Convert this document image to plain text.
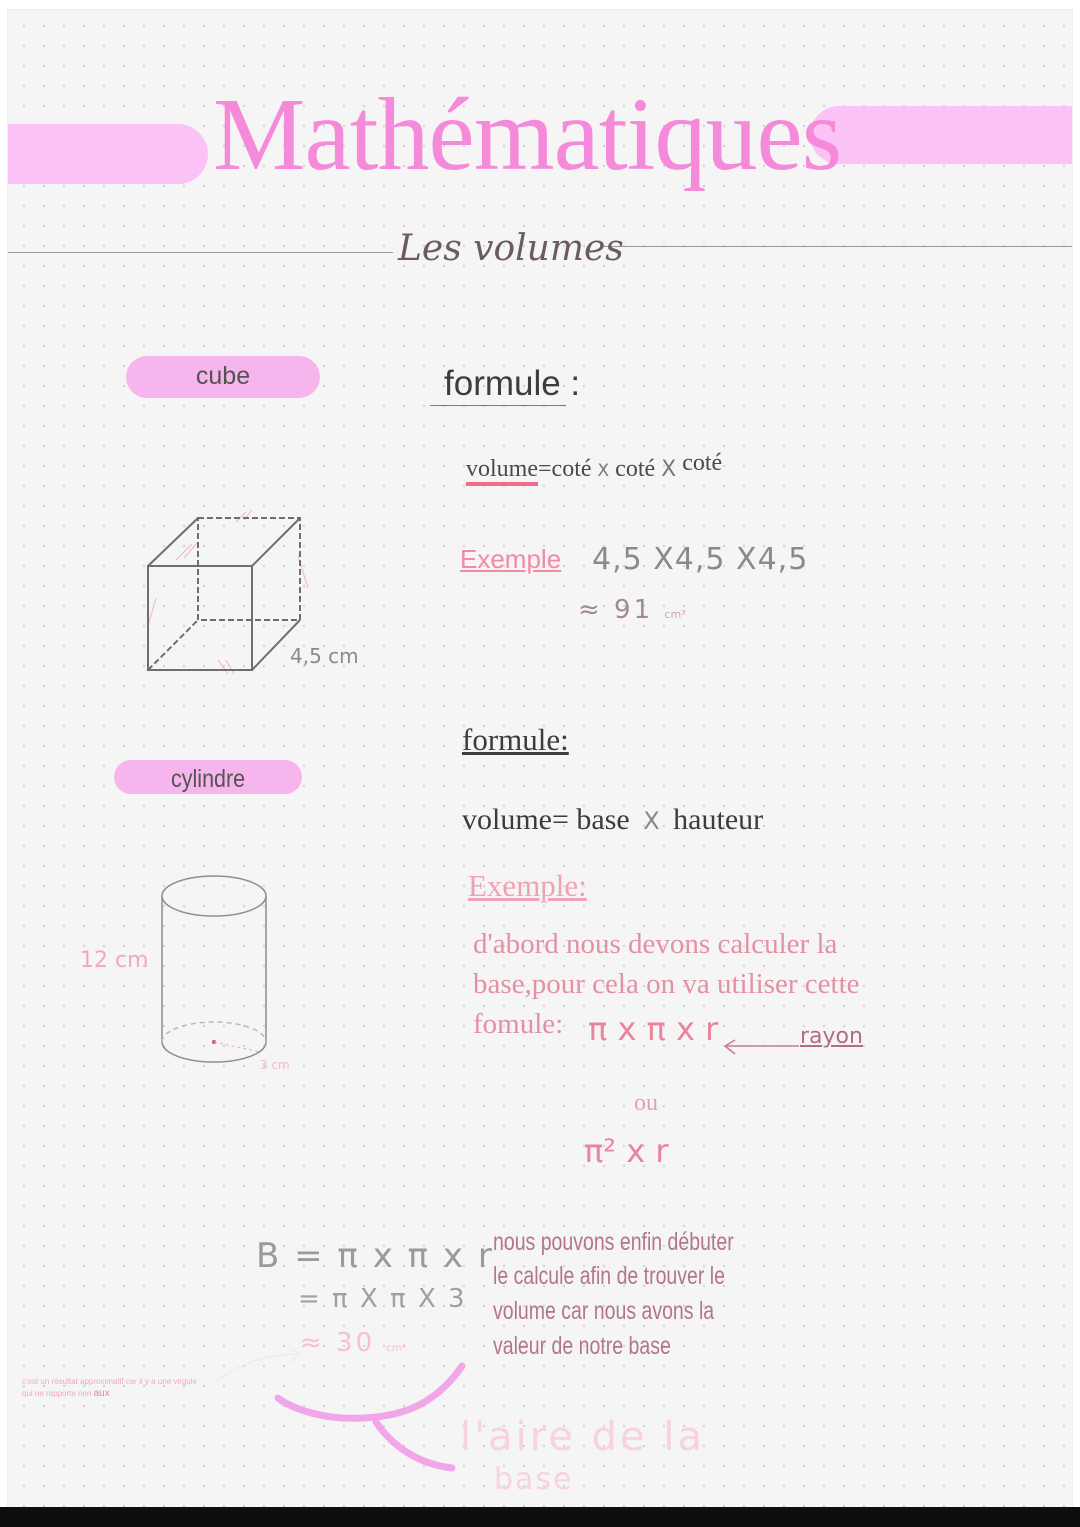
Mathématiques
Les volumes
cube	formule :
volume=coté X coté X coté
Exemple 4,5 X4,5 X4,5
≈ 91 cm³
4,5 cm
cylindre
formule:
volume= base X hauteur
Exemple:
d'abord nous devons calculer la
base,pour cela on va utiliser cette
fomule: π x π x r	rayon
ou
π² x r
12 cm
3 cm
B = π x π x r
= π X π X 3
≈ 30 cm²
nous pouvons enfin débuter
le calcule afin de trouver le
volume car nous avons la
valeur de notre base
c'est un résultat approximatif car il y a une virgule
qui ne rapporte rien aux
l'aire de la
base
